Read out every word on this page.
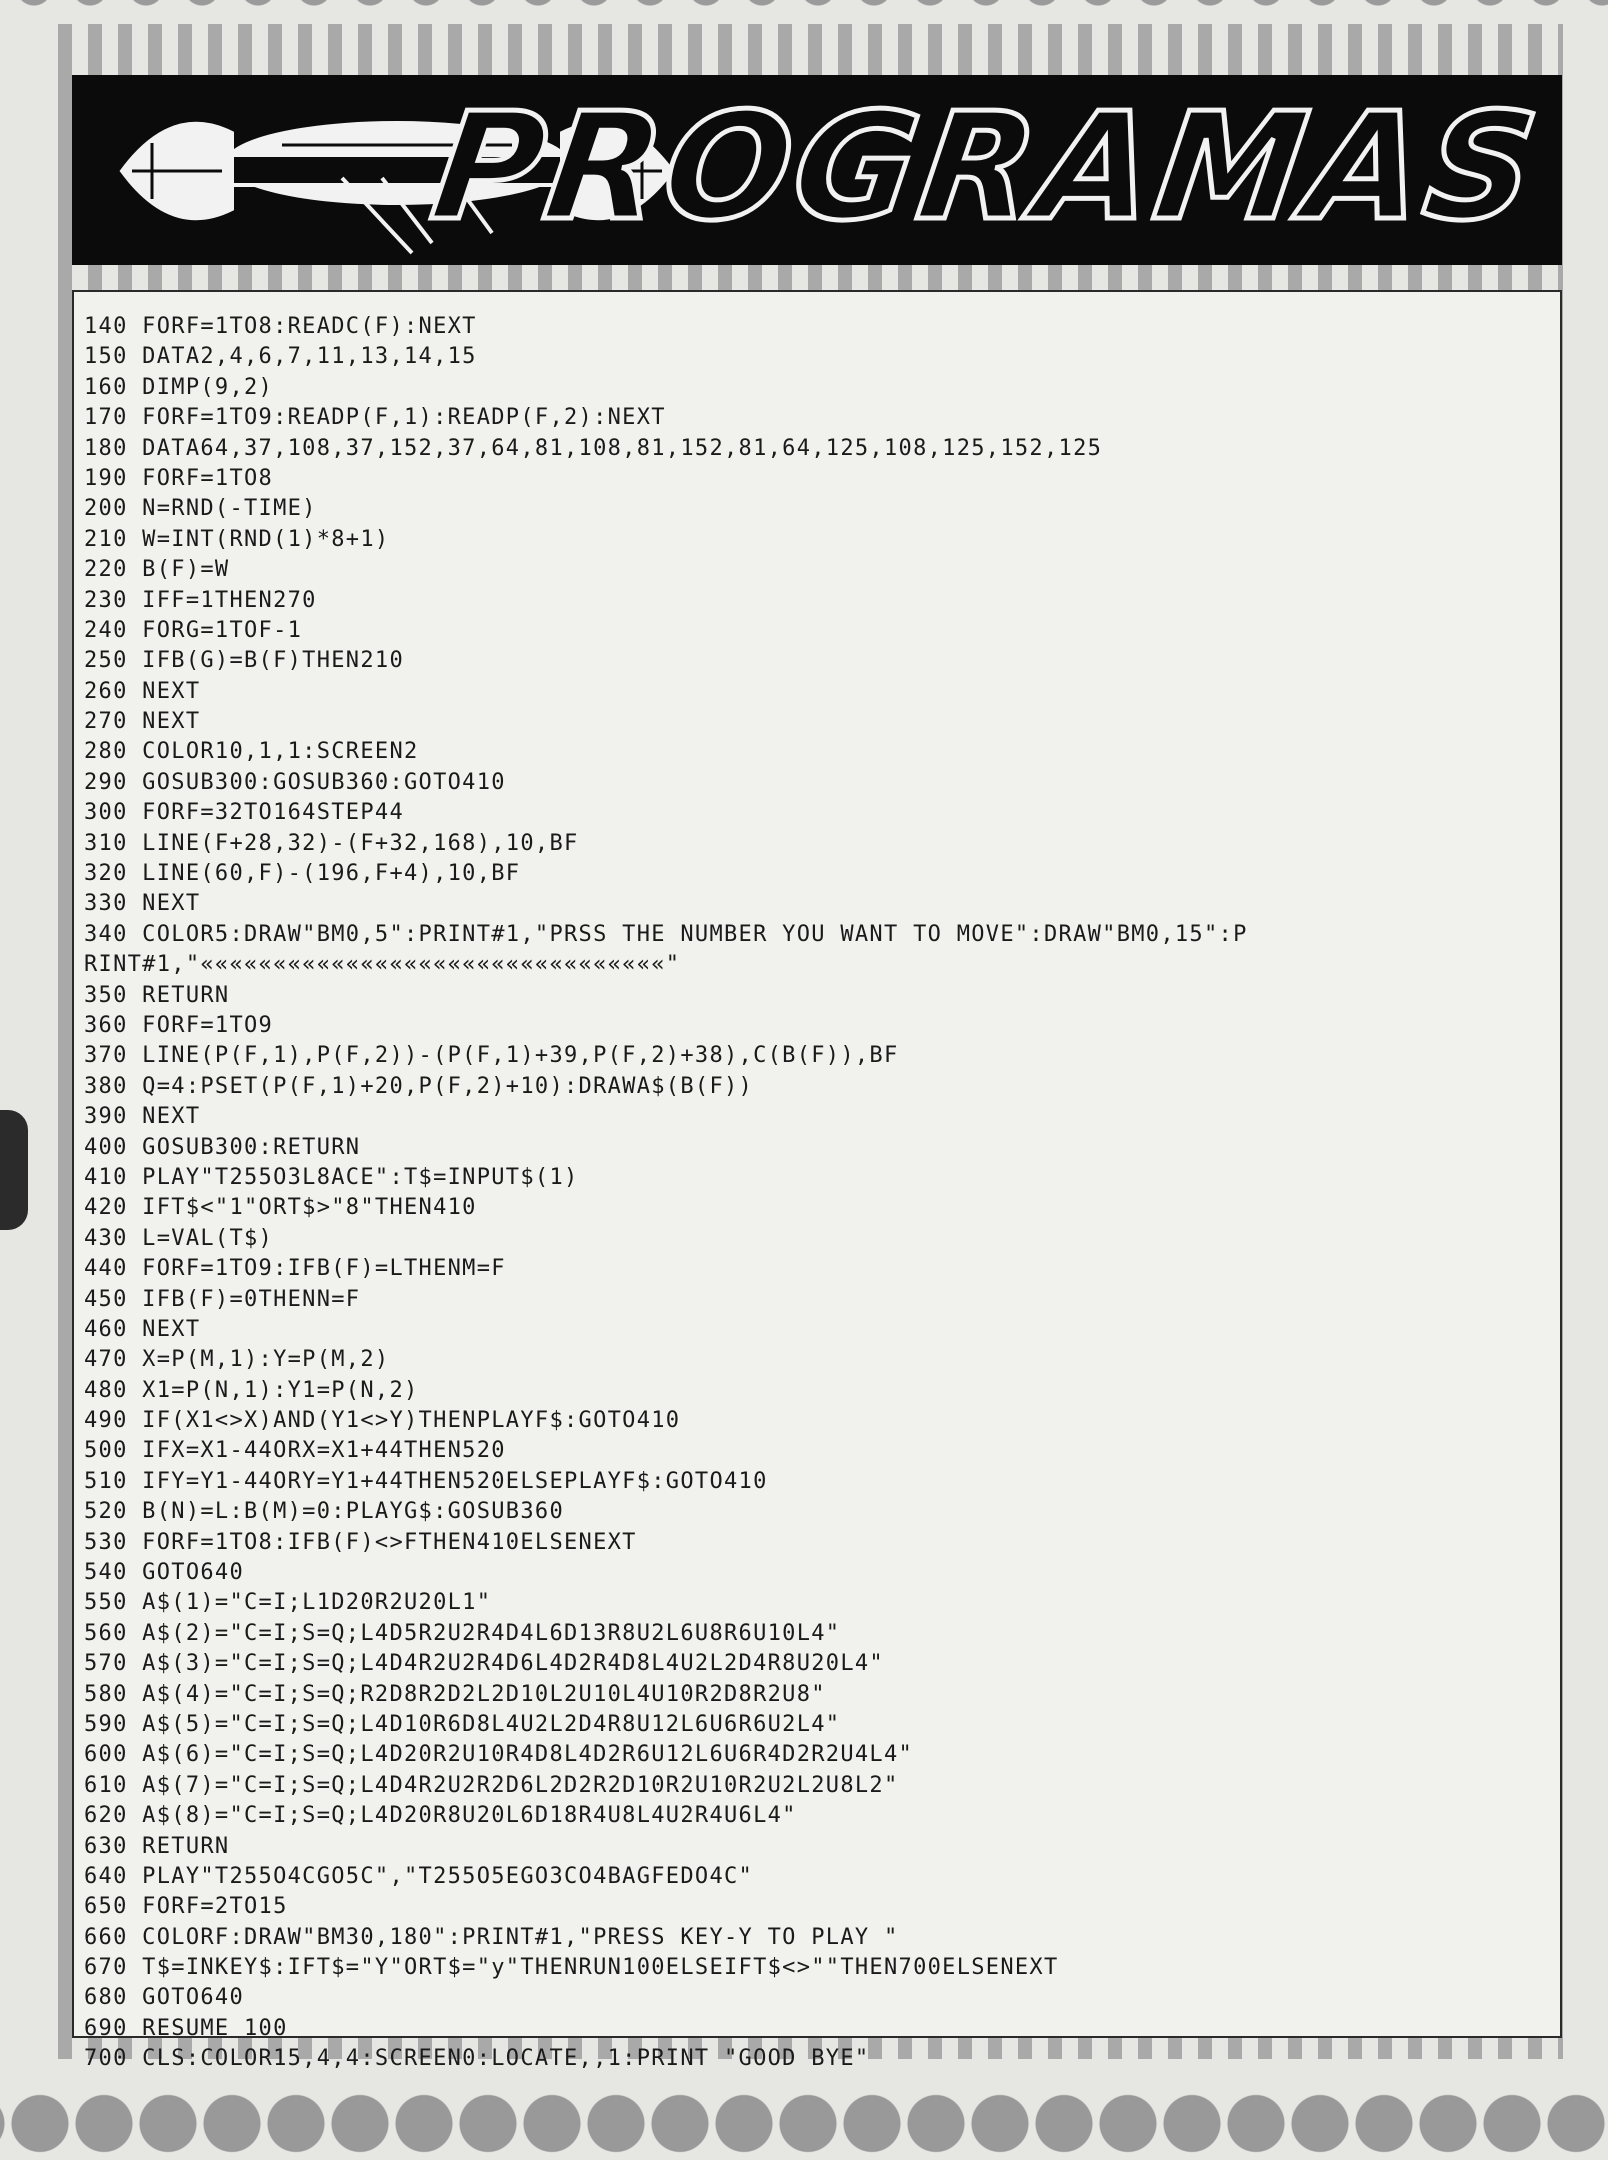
PROGRAMAS
140 FORF=1TO8:READC(F):NEXT
150 DATA2,4,6,7,11,13,14,15
160 DIMP(9,2)
170 FORF=1TO9:READP(F,1):READP(F,2):NEXT
180 DATA64,37,108,37,152,37,64,81,108,81,152,81,64,125,108,125,152,125
190 FORF=1TO8
200 N=RND(-TIME)
210 W=INT(RND(1)*8+1)
220 B(F)=W
230 IFF=1THEN270
240 FORG=1TOF-1
250 IFB(G)=B(F)THEN210
260 NEXT
270 NEXT
280 COLOR10,1,1:SCREEN2
290 GOSUB300:GOSUB360:GOTO410
300 FORF=32TO164STEP44
310 LINE(F+28,32)-(F+32,168),10,BF
320 LINE(60,F)-(196,F+4),10,BF
330 NEXT
340 COLOR5:DRAW"BM0,5":PRINT#1,"PRSS THE NUMBER YOU WANT TO MOVE":DRAW"BM0,15":P
RINT#1,"««««««««««««««««««««««««««««««««"
350 RETURN
360 FORF=1TO9
370 LINE(P(F,1),P(F,2))-(P(F,1)+39,P(F,2)+38),C(B(F)),BF
380 Q=4:PSET(P(F,1)+20,P(F,2)+10):DRAWA$(B(F))
390 NEXT
400 GOSUB300:RETURN
410 PLAY"T255O3L8ACE":T$=INPUT$(1)
420 IFT$<"1"ORT$>"8"THEN410
430 L=VAL(T$)
440 FORF=1TO9:IFB(F)=LTHENM=F
450 IFB(F)=0THENN=F
460 NEXT
470 X=P(M,1):Y=P(M,2)
480 X1=P(N,1):Y1=P(N,2)
490 IF(X1<>X)AND(Y1<>Y)THENPLAYF$:GOTO410
500 IFX=X1-44ORX=X1+44THEN520
510 IFY=Y1-44ORY=Y1+44THEN520ELSEPLAYF$:GOTO410
520 B(N)=L:B(M)=0:PLAYG$:GOSUB360
530 FORF=1TO8:IFB(F)<>FTHEN410ELSENEXT
540 GOTO640
550 A$(1)="C=I;L1D20R2U20L1"
560 A$(2)="C=I;S=Q;L4D5R2U2R4D4L6D13R8U2L6U8R6U10L4"
570 A$(3)="C=I;S=Q;L4D4R2U2R4D6L4D2R4D8L4U2L2D4R8U20L4"
580 A$(4)="C=I;S=Q;R2D8R2D2L2D10L2U10L4U10R2D8R2U8"
590 A$(5)="C=I;S=Q;L4D10R6D8L4U2L2D4R8U12L6U6R6U2L4"
600 A$(6)="C=I;S=Q;L4D20R2U10R4D8L4D2R6U12L6U6R4D2R2U4L4"
610 A$(7)="C=I;S=Q;L4D4R2U2R2D6L2D2R2D10R2U10R2U2L2U8L2"
620 A$(8)="C=I;S=Q;L4D20R8U20L6D18R4U8L4U2R4U6L4"
630 RETURN
640 PLAY"T255O4CGO5C","T255O5EGO3CO4BAGFEDO4C"
650 FORF=2TO15
660 COLORF:DRAW"BM30,180":PRINT#1,"PRESS KEY-Y TO PLAY "
670 T$=INKEY$:IFT$="Y"ORT$="y"THENRUN100ELSEIFT$<>""THEN700ELSENEXT
680 GOTO640
690 RESUME 100
700 CLS:COLOR15,4,4:SCREEN0:LOCATE,,1:PRINT "GOOD BYE"
